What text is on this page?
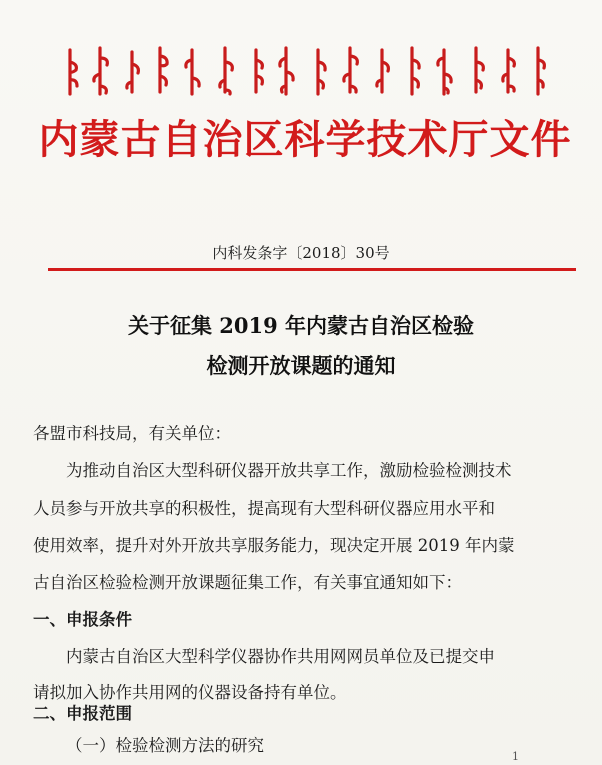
内蒙古自治区科学技术厅文件
内科发条字〔2018〕30号
关于征集 2019 年内蒙古自治区检验
检测开放课题的通知
各盟市科技局，有关单位：
为推动自治区大型科研仪器开放共享工作，激励检验检测技术
人员参与开放共享的积极性，提高现有大型科研仪器应用水平和
使用效率，提升对外开放共享服务能力，现决定开展 2019 年内蒙
古自治区检验检测开放课题征集工作，有关事宜通知如下：
一、申报条件
内蒙古自治区大型科学仪器协作共用网网员单位及已提交申
请拟加入协作共用网的仪器设备持有单位。
二、申报范围
（一）检验检测方法的研究
1
